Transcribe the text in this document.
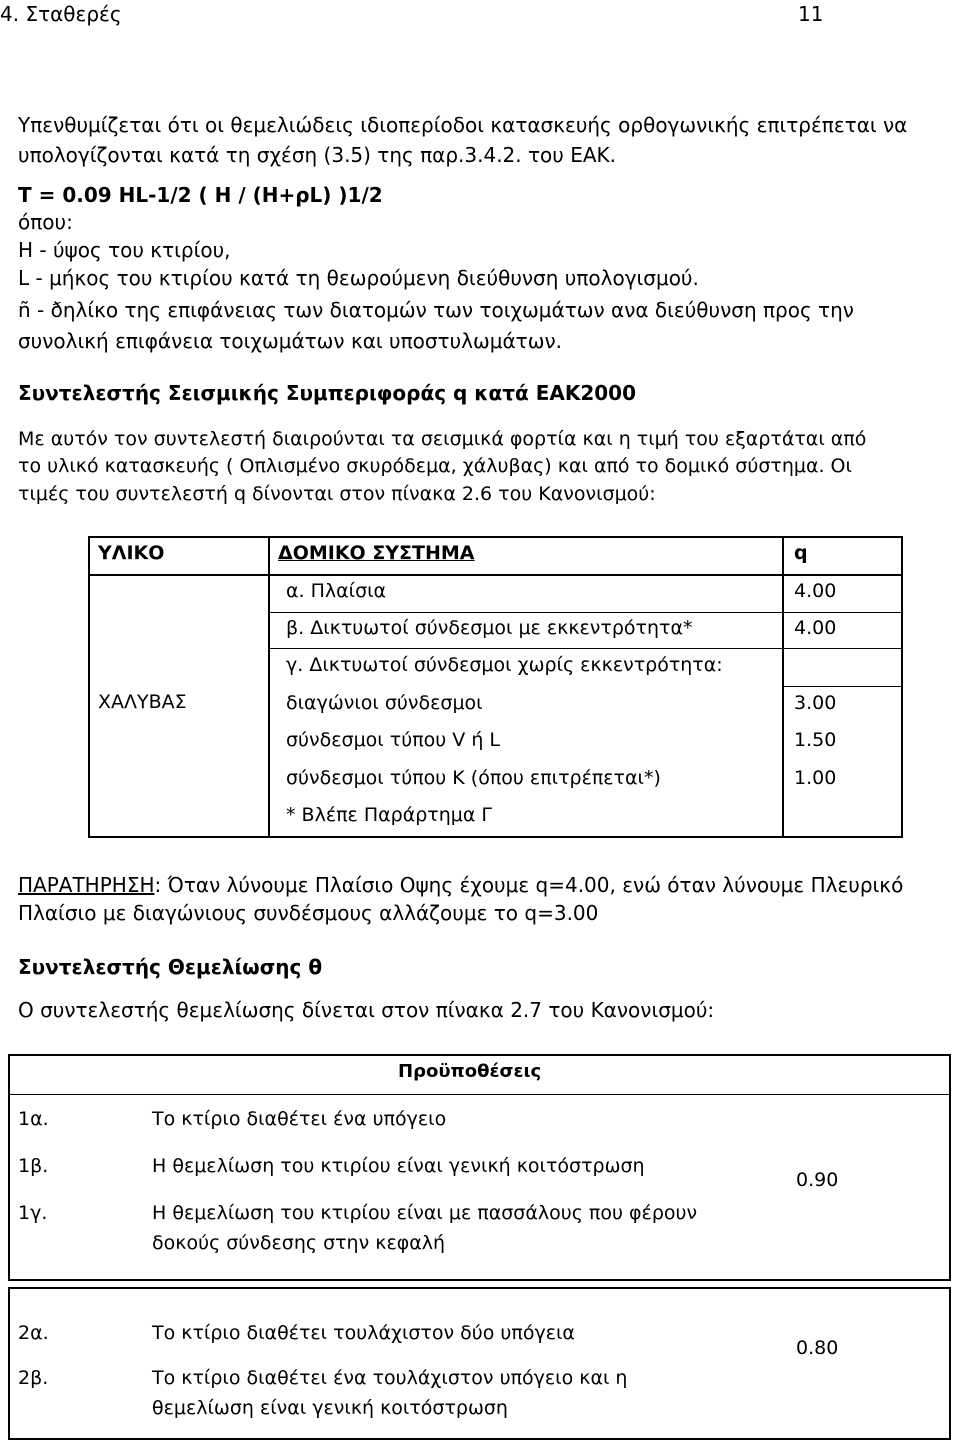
4. Σταθερές	11
Υπενθυμίζεται ότι οι θεμελιώδεις ιδιοπερίοδοι κατασκευής ορθογωνικής επιτρέπεται να
υπολογίζονται κατά τη σχέση (3.5) της παρ.3.4.2. του ΕΑΚ.
T = 0.09 HL-1/2 ( H / (H+ρL) )1/2
όπου:
H - ύψος του κτιρίου,
L - μήκος του κτιρίου κατά τη θεωρούμενη διεύθυνση υπολογισμού.
ñ - ðηλίκο της επιφάνειας των διατομών των τοιχωμάτων ανα διεύθυνση προς την
συνολική επιφάνεια τοιχωμάτων και υποστυλωμάτων.
Συντελεστής Σεισμικής Συμπεριφοράς q κατά ΕΑΚ2000
Με αυτόν τον συντελεστή διαιρούνται τα σεισμικά φορτία και η τιμή του εξαρτάται από
το υλικό κατασκευής ( Οπλισμένο σκυρόδεμα, χάλυβας) και από το δομικό σύστημα. Οι
τιμές του συντελεστή q δίνονται στον πίνακα 2.6 του Κανονισμού:
ΥΛΙΚΟ	ΔΟΜΙΚΟ ΣΥΣΤΗΜΑ	q
ΧΑΛΥΒΑΣ
α. Πλαίσια	4.00
β. Δικτυωτοί σύνδεσμοι με εκκεντρότητα*	4.00
γ. Δικτυωτοί σύνδεσμοι χωρίς εκκεντρότητα:
διαγώνιοι σύνδεσμοι	3.00
σύνδεσμοι τύπου V ή L	1.50
σύνδεσμοι τύπου K (όπου επιτρέπεται*)	1.00
* Βλέπε Παράρτημα Γ
ΠΑΡΑΤΗΡΗΣΗ: Όταν λύνουμε Πλαίσιο Οψης έχουμε q=4.00, ενώ όταν λύνουμε Πλευρικό
Πλαίσιο με διαγώνιους συνδέσμους αλλάζουμε το q=3.00
Συντελεστής Θεμελίωσης θ
Ο συντελεστής θεμελίωσης δίνεται στον πίνακα 2.7 του Κανονισμού:
Προϋποθέσεις
1α.	Το κτίριο διαθέτει ένα υπόγειο
1β.	Η θεμελίωση του κτιρίου είναι γενική κοιτόστρωση
1γ.	Η θεμελίωση του κτιρίου είναι με πασσάλους που φέρουν
δοκούς σύνδεσης στην κεφαλή
0.90
2α.	Το κτίριο διαθέτει τουλάχιστον δύο υπόγεια
2β.	Το κτίριο διαθέτει ένα τουλάχιστον υπόγειο και η
θεμελίωση είναι γενική κοιτόστρωση
0.80
